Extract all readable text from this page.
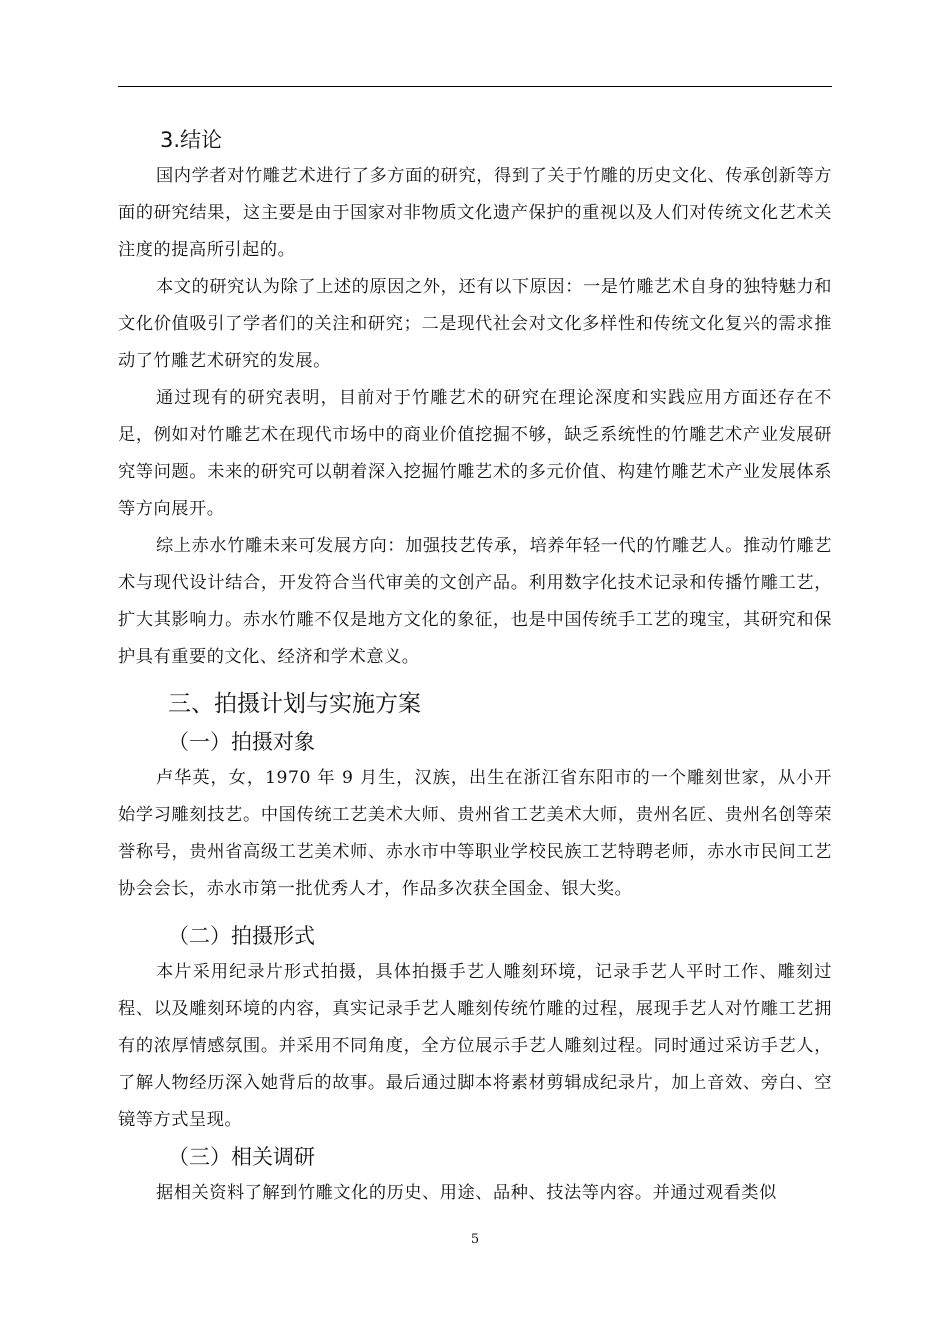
3.结论

国内学者对竹雕艺术进行了多方面的研究，得到了关于竹雕的历史文化、传承创新等方面的研究结果，这主要是由于国家对非物质文化遗产保护的重视以及人们对传统文化艺术关注度的提高所引起的。

本文的研究认为除了上述的原因之外，还有以下原因：一是竹雕艺术自身的独特魅力和文化价值吸引了学者们的关注和研究；二是现代社会对文化多样性和传统文化复兴的需求推动了竹雕艺术研究的发展。

通过现有的研究表明，目前对于竹雕艺术的研究在理论深度和实践应用方面还存在不足，例如对竹雕艺术在现代市场中的商业价值挖掘不够，缺乏系统性的竹雕艺术产业发展研究等问题。未来的研究可以朝着深入挖掘竹雕艺术的多元价值、构建竹雕艺术产业发展体系等方向展开。

综上赤水竹雕未来可发展方向：加强技艺传承，培养年轻一代的竹雕艺人。推动竹雕艺术与现代设计结合，开发符合当代审美的文创产品。利用数字化技术记录和传播竹雕工艺，扩大其影响力。赤水竹雕不仅是地方文化的象征，也是中国传统手工艺的瑰宝，其研究和保护具有重要的文化、经济和学术意义。

三、拍摄计划与实施方案

（一）拍摄对象

卢华英，女，1970 年 9 月生，汉族，出生在浙江省东阳市的一个雕刻世家，从小开始学习雕刻技艺。中国传统工艺美术大师、贵州省工艺美术大师，贵州名匠、贵州名创等荣誉称号，贵州省高级工艺美术师、赤水市中等职业学校民族工艺特聘老师，赤水市民间工艺协会会长，赤水市第一批优秀人才，作品多次获全国金、银大奖。

（二）拍摄形式

本片采用纪录片形式拍摄，具体拍摄手艺人雕刻环境，记录手艺人平时工作、雕刻过程、以及雕刻环境的内容，真实记录手艺人雕刻传统竹雕的过程，展现手艺人对竹雕工艺拥有的浓厚情感氛围。并采用不同角度，全方位展示手艺人雕刻过程。同时通过采访手艺人，了解人物经历深入她背后的故事。最后通过脚本将素材剪辑成纪录片，加上音效、旁白、空镜等方式呈现。

（三）相关调研

据相关资料了解到竹雕文化的历史、用途、品种、技法等内容。并通过观看类似

5
